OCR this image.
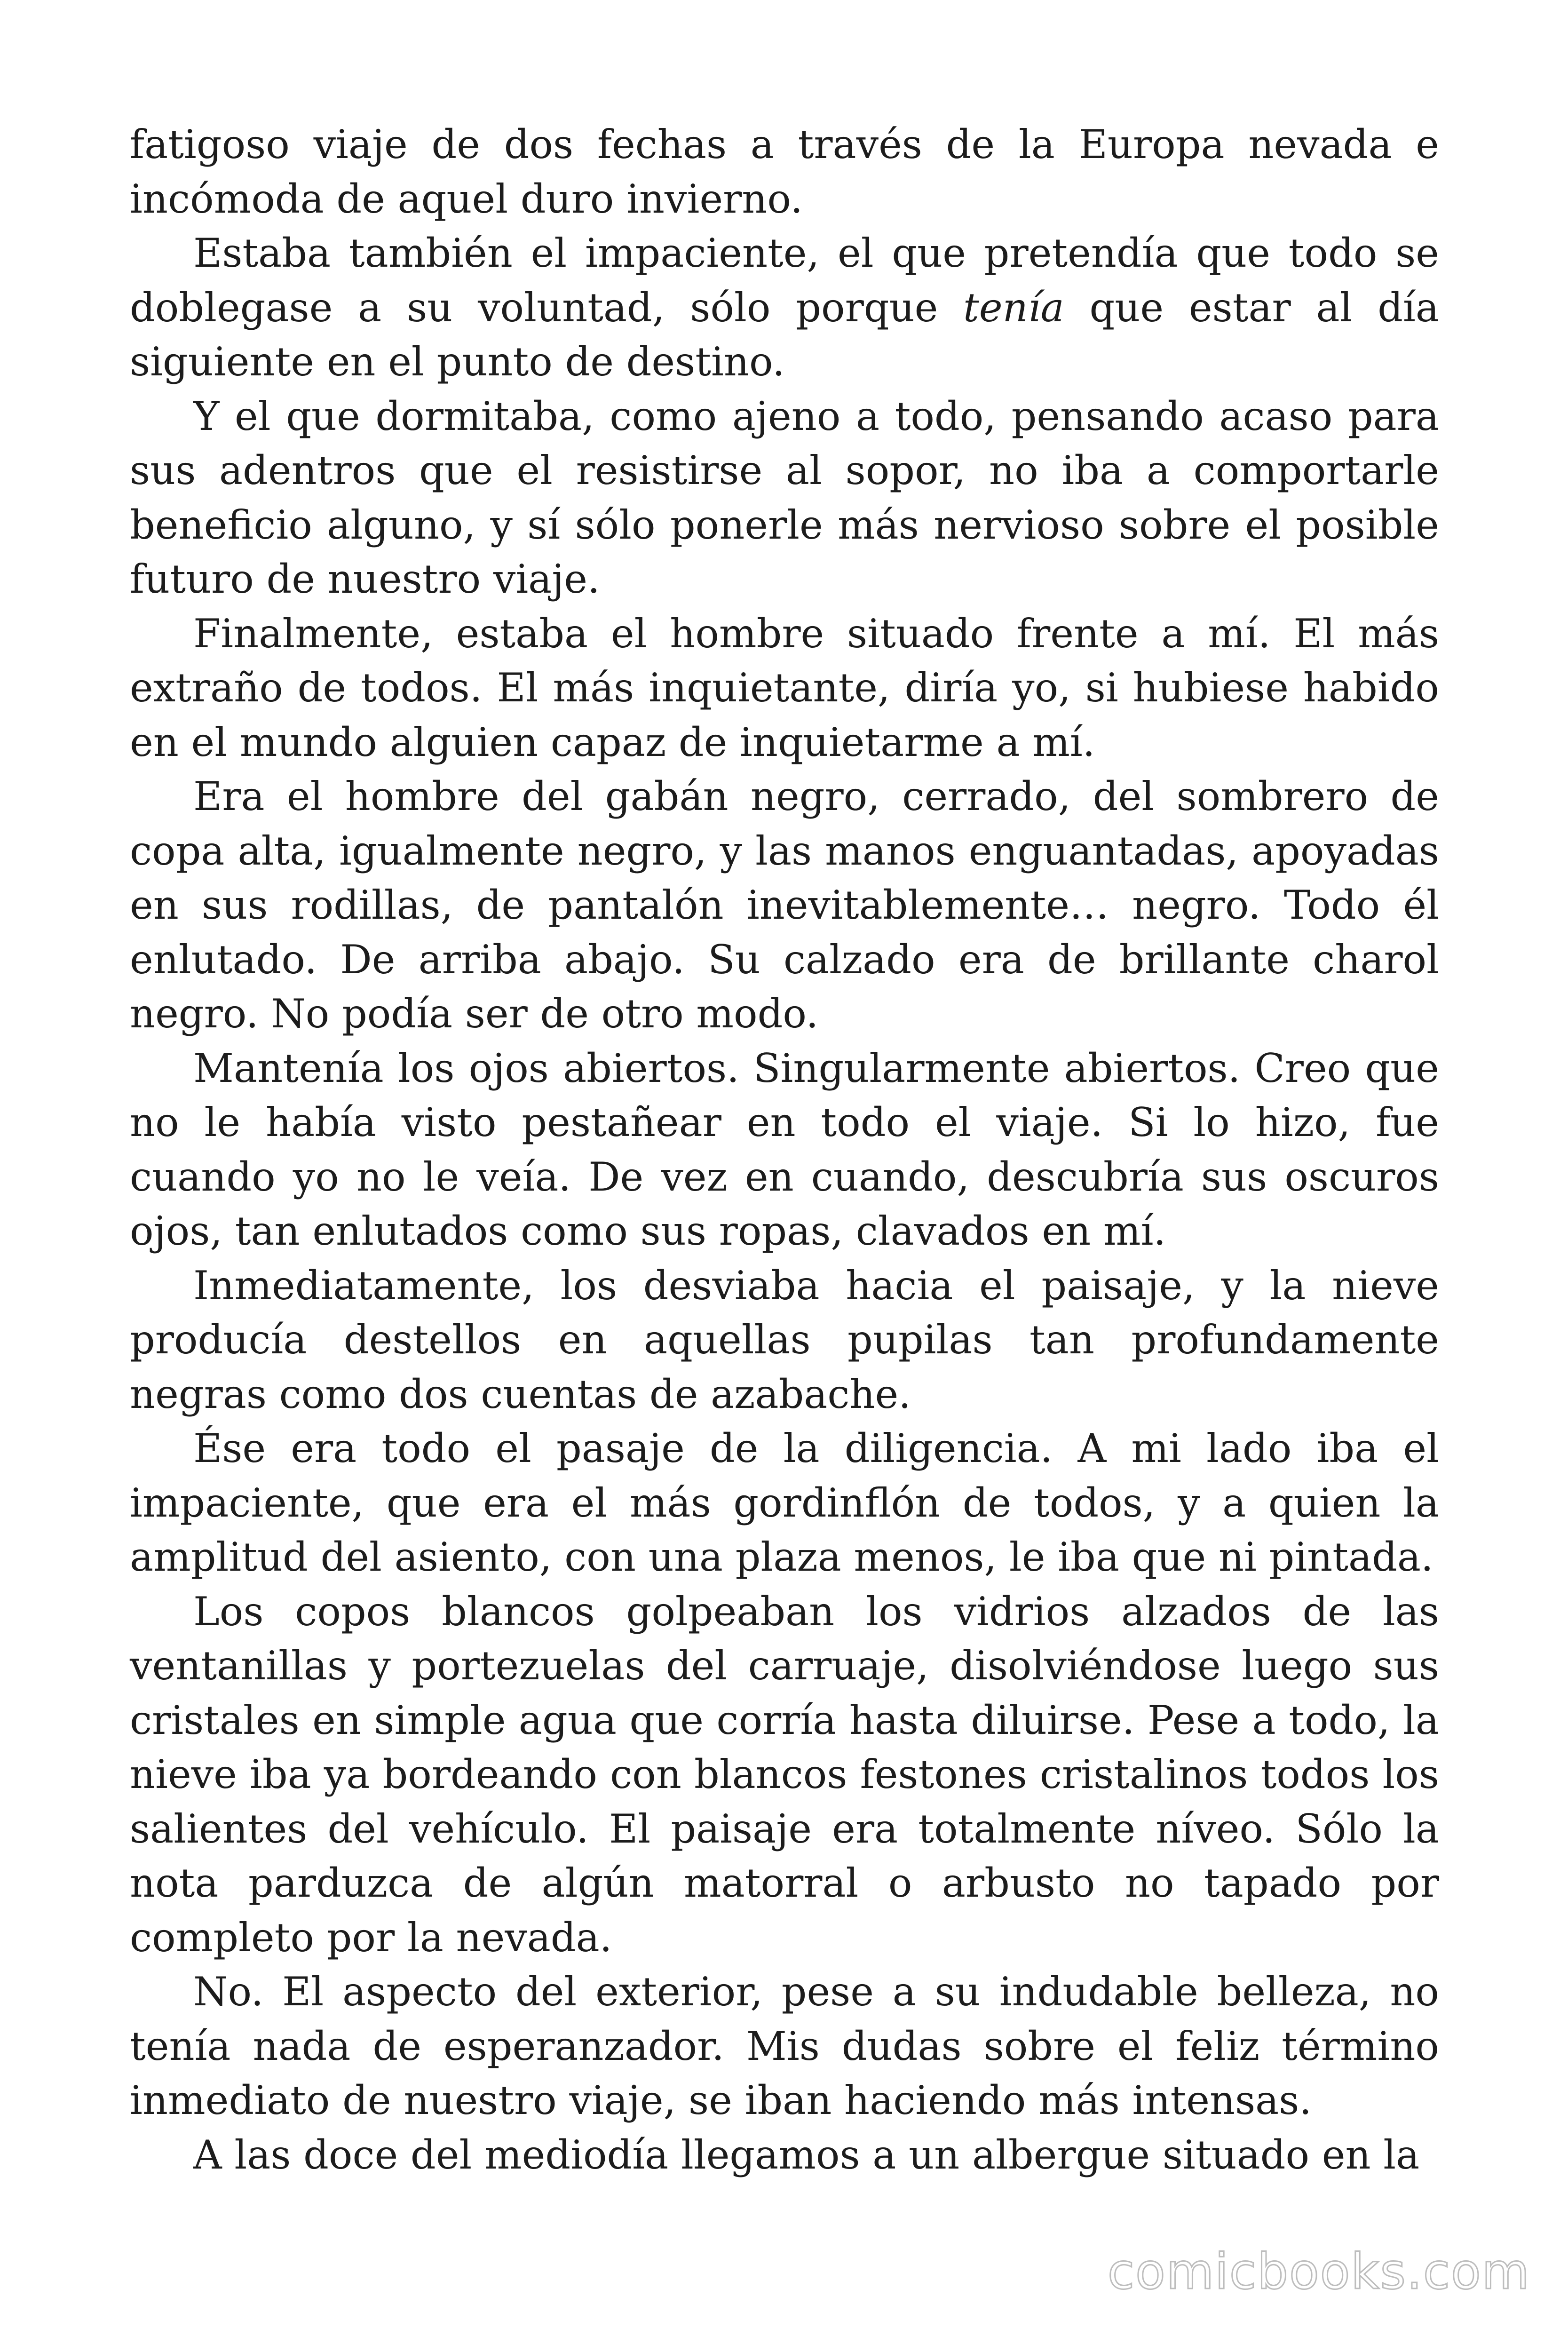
fatigoso viaje de dos fechas a través de la Europa nevada e incómoda de aquel duro invierno.

Estaba también el impaciente, el que pretendía que todo se doblegase a su voluntad, sólo porque tenía que estar al día siguiente en el punto de destino.

Y el que dormitaba, como ajeno a todo, pensando acaso para sus adentros que el resistirse al sopor, no iba a comportarle beneficio alguno, y sí sólo ponerle más nervioso sobre el posible futuro de nuestro viaje.

Finalmente, estaba el hombre situado frente a mí. El más extraño de todos. El más inquietante, diría yo, si hubiese habido en el mundo alguien capaz de inquietarme a mí.

Era el hombre del gabán negro, cerrado, del sombrero de copa alta, igualmente negro, y las manos enguantadas, apoyadas en sus rodillas, de pantalón inevitablemente… negro. Todo él enlutado. De arriba abajo. Su calzado era de brillante charol negro. No podía ser de otro modo.

Mantenía los ojos abiertos. Singularmente abiertos. Creo que no le había visto pestañear en todo el viaje. Si lo hizo, fue cuando yo no le veía. De vez en cuando, descubría sus oscuros ojos, tan enlutados como sus ropas, clavados en mí.

Inmediatamente, los desviaba hacia el paisaje, y la nieve producía destellos en aquellas pupilas tan profundamente negras como dos cuentas de azabache.

Ése era todo el pasaje de la diligencia. A mi lado iba el impaciente, que era el más gordinflón de todos, y a quien la amplitud del asiento, con una plaza menos, le iba que ni pintada.

Los copos blancos golpeaban los vidrios alzados de las ventanillas y portezuelas del carruaje, disolviéndose luego sus cristales en simple agua que corría hasta diluirse. Pese a todo, la nieve iba ya bordeando con blancos festones cristalinos todos los salientes del vehículo. El paisaje era totalmente níveo. Sólo la nota parduzca de algún matorral o arbusto no tapado por completo por la nevada.

No. El aspecto del exterior, pese a su indudable belleza, no tenía nada de esperanzador. Mis dudas sobre el feliz término inmediato de nuestro viaje, se iban haciendo más intensas.

A las doce del mediodía llegamos a un albergue situado en la

comicbooks.com
